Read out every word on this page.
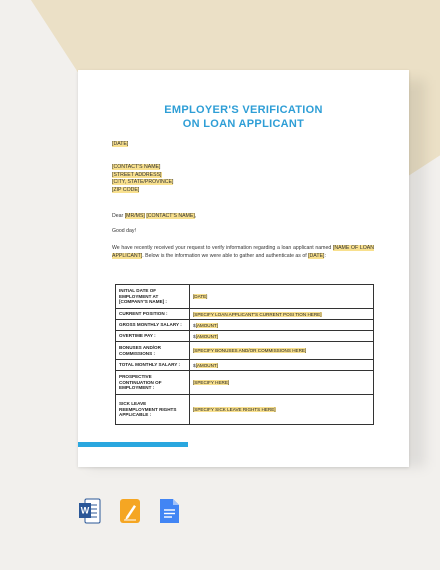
EMPLOYER'S VERIFICATION
ON LOAN APPLICANT
[DATE]
[CONTACT'S NAME]
[STREET ADDRESS]
[CITY, STATE/PROVINCE]
[ZIP CODE]
Dear [MR/MS] [CONTACT'S NAME],
Good day!
We have recently received your request to verify information regarding a loan applicant named [NAME OF LOAN APPLICANT]. Below is the information we were able to gather and authenticate as of [DATE]:
INITIAL DATE OF EMPLOYMENT AT [COMPANY'S NAME] :	[DATE]
CURRENT POSITION :	[SPECIFY LOAN APPLICANT'S CURRENT POSI TION HERE]
GROSS MONTHLY SALARY :	$[AMOUNT]
OVERTIME PAY :	$[AMOUNT]
BONUSES AND/OR COMMISSIONS :	[SPECIFY BONUSES AND/OR COMMISSIONS HERE]
TOTAL MONTHLY SALARY :	$[AMOUNT]
PROSPECTIVE CONTINUATION OF EMPLOYMENT :	[SPECIFY HERE]
SICK LEAVE REEMPLOYMENT RIGHTS APPLICABLE :	[SPECIFY SICK LEAVE RIGHTS HERE]
W
